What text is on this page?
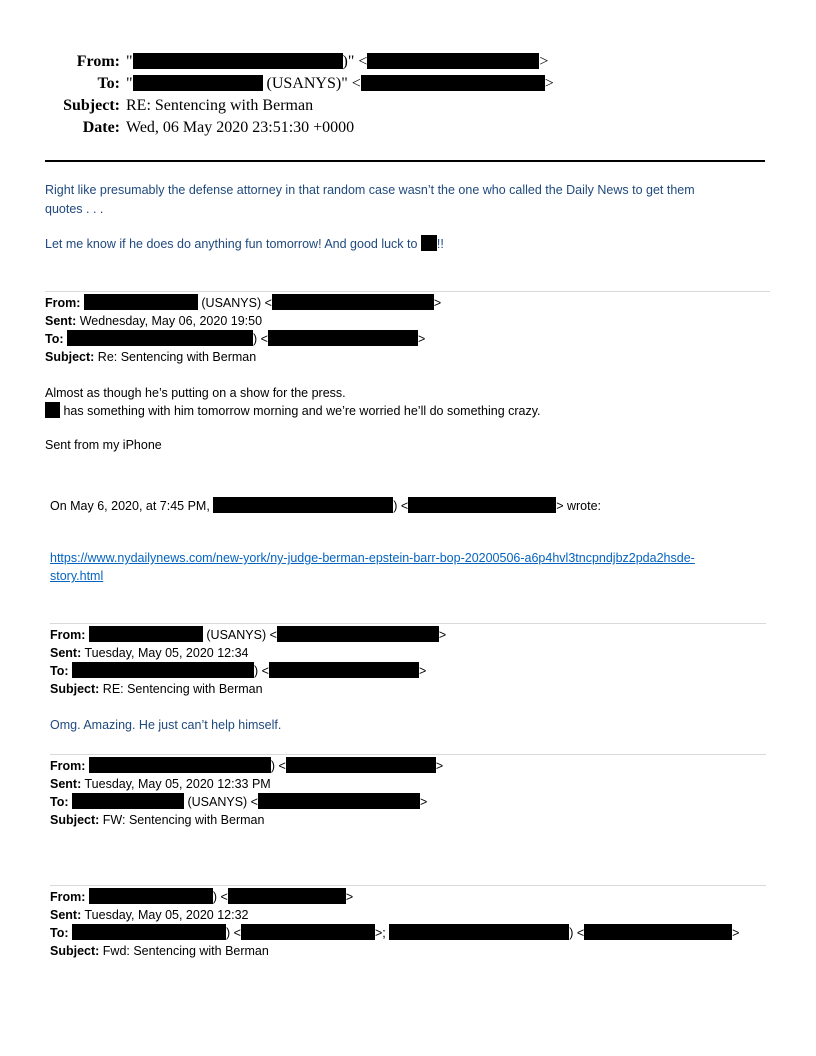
From: "	)" <	>
To: "	(USANYS)" <	>
Subject: RE: Sentencing with Berman
Date: Wed, 06 May 2020 23:51:30 +0000
Right like presumably the defense attorney in that random case wasn’t the one who called the Daily News to get them
quotes . . .
Let me know if he does do anything fun tomorrow! And good luck to !!
From:	(USANYS) <	>
Sent: Wednesday, May 06, 2020 19:50
To:	) <	>
Subject: Re: Sentencing with Berman
Almost as though he’s putting on a show for the press.
has something with him tomorrow morning and we’re worried he’ll do something crazy.
Sent from my iPhone
On May 6, 2020, at 7:45 PM,	) <	> wrote:
https://www.nydailynews.com/new-york/ny-judge-berman-epstein-barr-bop-20200506-a6p4hvl3tncpndjbz2pda2hsde-
story.html
From:	(USANYS) <	>
Sent: Tuesday, May 05, 2020 12:34
To:	) <	>
Subject: RE: Sentencing with Berman
Omg. Amazing. He just can’t help himself.
From:	) <	>
Sent: Tuesday, May 05, 2020 12:33 PM
To:	(USANYS) <	>
Subject: FW: Sentencing with Berman
From:	) <	>
Sent: Tuesday, May 05, 2020 12:32
To:	) <	>;	) <	>
Subject: Fwd: Sentencing with Berman
